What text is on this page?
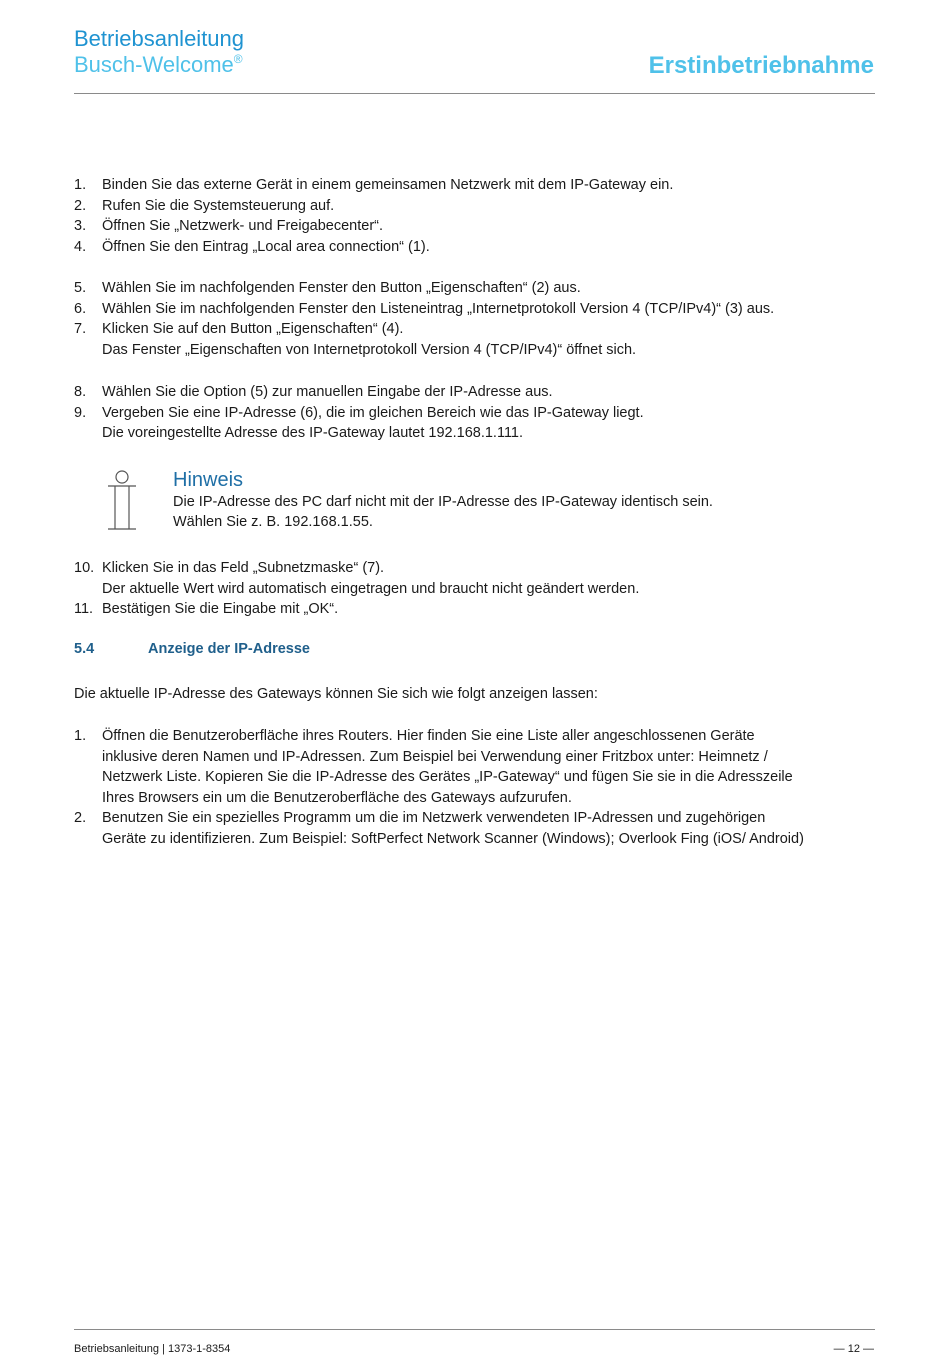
Betriebsanleitung
Busch-Welcome®	Erstinbetriebnahme
1. Binden Sie das externe Gerät in einem gemeinsamen Netzwerk mit dem IP-Gateway ein.
2. Rufen Sie die Systemsteuerung auf.
3. Öffnen Sie „Netzwerk- und Freigabecenter“.
4. Öffnen Sie den Eintrag „Local area connection“ (1).
5. Wählen Sie im nachfolgenden Fenster den Button „Eigenschaften“ (2) aus.
6. Wählen Sie im nachfolgenden Fenster den Listeneintrag „Internetprotokoll Version 4 (TCP/IPv4)“ (3) aus.
7. Klicken Sie auf den Button „Eigenschaften“ (4).
Das Fenster „Eigenschaften von Internetprotokoll Version 4 (TCP/IPv4)“ öffnet sich.
8. Wählen Sie die Option (5) zur manuellen Eingabe der IP-Adresse aus.
9. Vergeben Sie eine IP-Adresse (6), die im gleichen Bereich wie das IP-Gateway liegt.
Die voreingestellte Adresse des IP-Gateway lautet 192.168.1.111.
Hinweis
Die IP-Adresse des PC darf nicht mit der IP-Adresse des IP-Gateway identisch sein.
Wählen Sie z. B. 192.168.1.55.
10. Klicken Sie in das Feld „Subnetzmaske“ (7).
Der aktuelle Wert wird automatisch eingetragen und braucht nicht geändert werden.
11. Bestätigen Sie die Eingabe mit „OK“.
5.4	Anzeige der IP-Adresse
Die aktuelle IP-Adresse des Gateways können Sie sich wie folgt anzeigen lassen:
1. Öffnen die Benutzeroberfläche ihres Routers. Hier finden Sie eine Liste aller angeschlossenen Geräte
inklusive deren Namen und IP-Adressen. Zum Beispiel bei Verwendung einer Fritzbox unter: Heimnetz /
Netzwerk Liste. Kopieren Sie die IP-Adresse des Gerätes „IP-Gateway“ und fügen Sie sie in die Adresszeile
Ihres Browsers ein um die Benutzeroberfläche des Gateways aufzurufen.
2. Benutzen Sie ein spezielles Programm um die im Netzwerk verwendeten IP-Adressen und zugehörigen
Geräte zu identifizieren. Zum Beispiel: SoftPerfect Network Scanner (Windows); Overlook Fing (iOS/ Android)
Betriebsanleitung | 1373-1-8354	— 12 —
